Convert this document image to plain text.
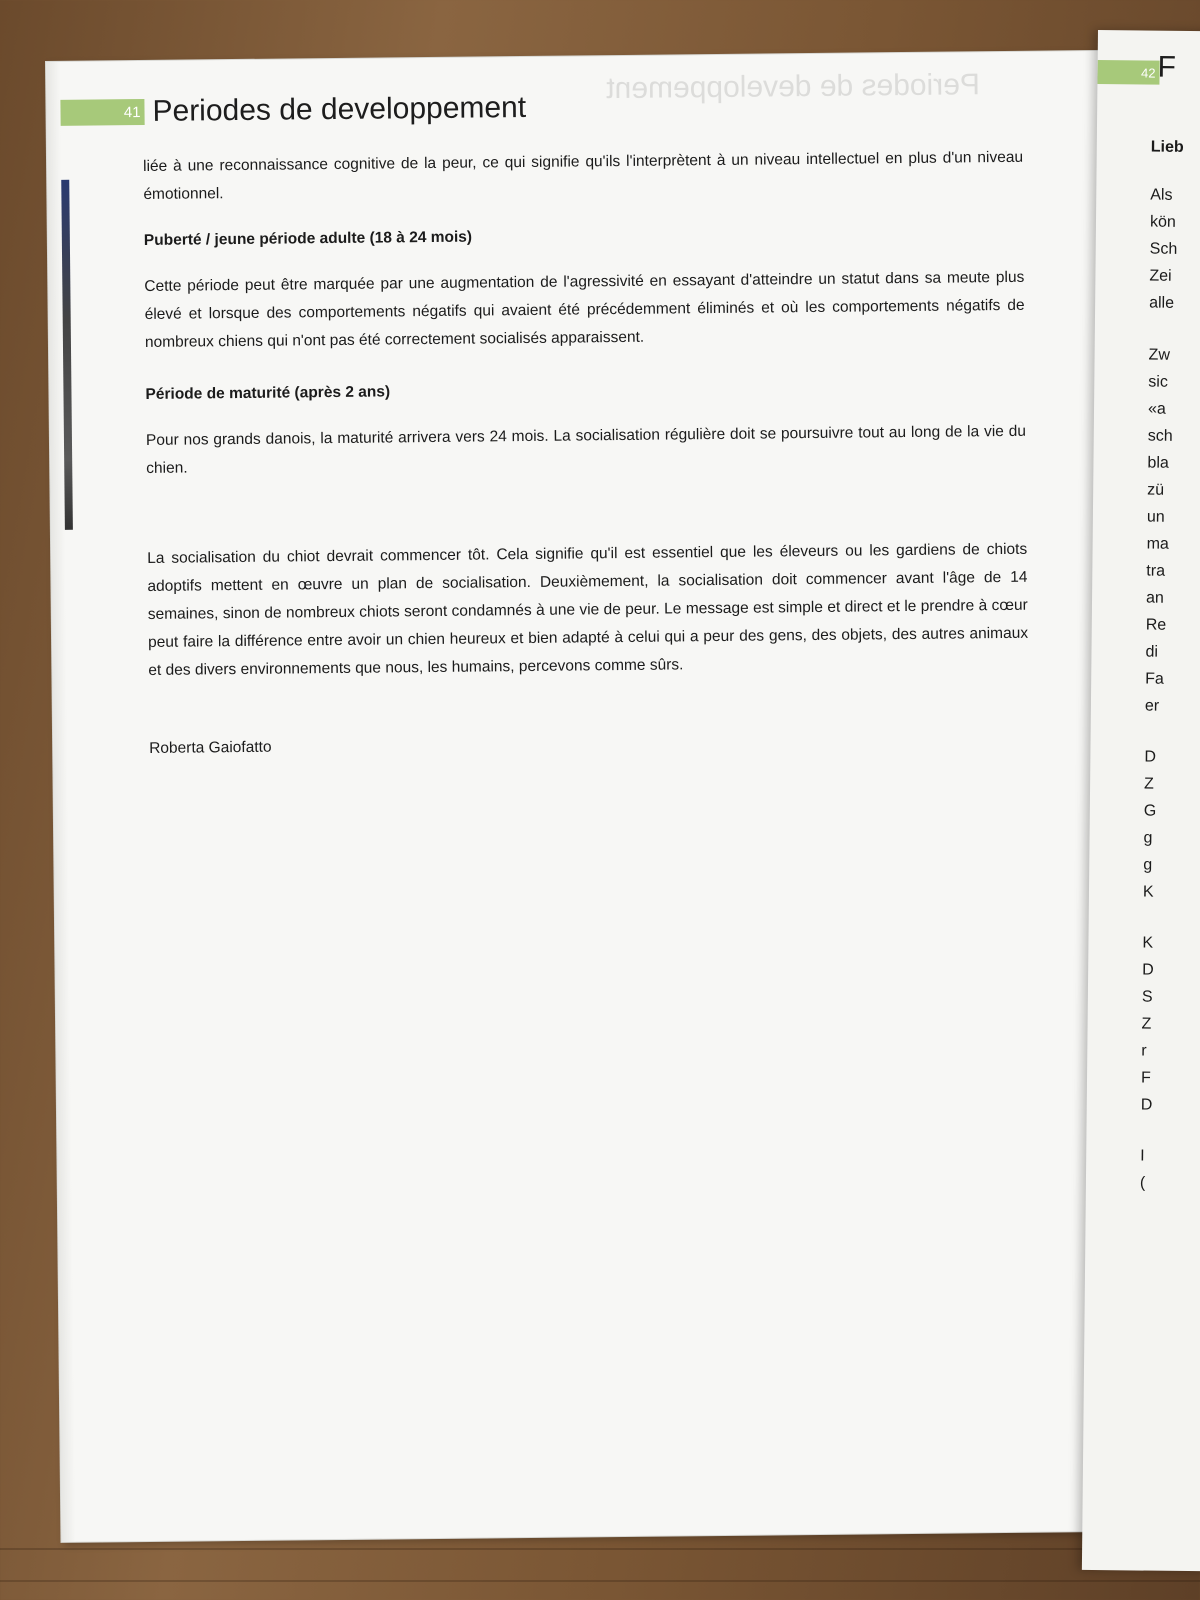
Periodes de developpement
41 Periodes de developpement

liée à une reconnaissance cognitive de la peur, ce qui signifie qu'ils l'interprètent à un niveau intellectuel en plus d'un niveau émotionnel.

Puberté / jeune période adulte (18 à 24 mois)

Cette période peut être marquée par une augmentation de l'agressivité en essayant d'atteindre un statut dans sa meute plus élevé et lorsque des comportements négatifs qui avaient été précédemment éliminés et où les comportements négatifs de nombreux chiens qui n'ont pas été correctement socialisés apparaissent.

Période de maturité (après 2 ans)

Pour nos grands danois, la maturité arrivera vers 24 mois. La socialisation régulière doit se poursuivre tout au long de la vie du chien.

La socialisation du chiot devrait commencer tôt. Cela signifie qu'il est essentiel que les éleveurs ou les gardiens de chiots adoptifs mettent en œuvre un plan de socialisation. Deuxièmement, la socialisation doit commencer avant l'âge de 14 semaines, sinon de nombreux chiots seront condamnés à une vie de peur. Le message est simple et direct et le prendre à cœur peut faire la différence entre avoir un chien heureux et bien adapté à celui qui a peur des gens, des objets, des autres animaux et des divers environnements que nous, les humains, percevons comme sûrs.

Roberta Gaiofatto
42 F
Lieb
Als
kön
Sch
Zei
alle
Zw
sic
«a
sch
bla
zü
un
ma
tra
an
Re
di
Fa
er
D
Z
G
g
g
K
K
D
S
Z
r
F
D
I
(
